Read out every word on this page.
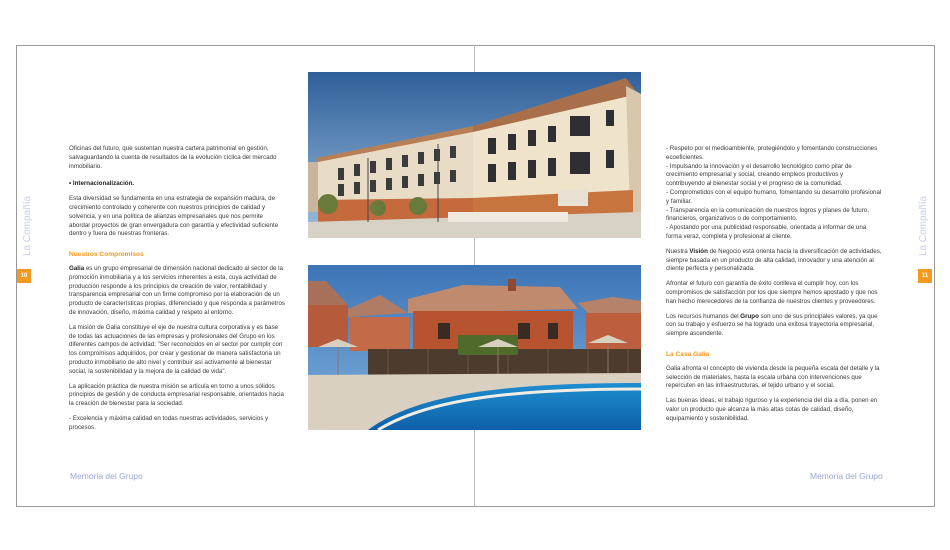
La Compañía
10
Memoria del Grupo

Oficinas del futuro, que sustentan nuestra cartera patrimonial en gestión, salvaguardando la cuenta de resultados de la evolución cíclica del mercado inmobiliario.

• Internacionalización.

Esta diversidad se fundamenta en una estrategia de expansión madura, de crecimiento controlado y coherente con nuestros principios de calidad y solvencia, y en una política de alianzas empresariales que nos permite abordar proyectos de gran envergadura con garantía y efectividad suficiente dentro y fuera de nuestras fronteras.

Nuestros Compromisos

Galia es un grupo empresarial de dimensión nacional dedicado al sector de la promoción inmobiliaria y a los servicios inherentes a esta, cuya actividad de producción responde a los principios de creación de valor, rentabilidad y transparencia empresarial con un firme compromiso por la elaboración de un producto de características propias, diferenciado y que responda a parámetros de innovación, diseño, máxima calidad y respeto al entorno.

La misión de Galia constituye el eje de nuestra cultura corporativa y es base de todas las actuaciones de las empresas y profesionales del Grupo en los diferentes campos de actividad: "Ser reconocidos en el sector por cumplir con los compromisos adquiridos, por crear y gestionar de manera satisfactoria un producto inmobiliario de alto nivel y contribuir así activamente al bienestar social, la sostenibilidad y la mejora de la calidad de vida".

La aplicación práctica de nuestra misión se articula en torno a unos sólidos principios de gestión y de conducta empresarial responsable, orientados hacia la creación de bienestar para la sociedad.

- Excelencia y máxima calidad en todas nuestras actividades, servicios y procesos.

- Respeto por el medioambiente, protegiéndolo y fomentando construcciones ecoeficientes.
- Impulsando la innovación y el desarrollo tecnológico como pilar de crecimiento empresarial y social, creando empleos productivos y contribuyendo al bienestar social y el progreso de la comunidad.
- Comprometidos con el equipo humano, fomentando su desarrollo profesional y familiar.
- Transparencia en la comunicación de nuestros logros y planes de futuro, financieros, organizativos o de comportamiento.
- Apostando por una publicidad responsable, orientada a informar de una forma veraz, completa y profesional al cliente.

Nuestra Visión de Negocio está orienta hacia la diversificación de actividades, siempre basada en un producto de alta calidad, innovador y una atención al cliente perfecta y personalizada.

Afrontar el futuro con garantía de éxito conlleva el cumplir hoy, con los compromisos de satisfacción por los que siempre hemos apostado y que nos han hecho merecedores de la confianza de nuestros clientes y proveedores.

Los recursos humanos del Grupo son uno de sus principales valores, ya que con su trabajo y esfuerzo se ha logrado una exitosa trayectoria empresarial, siempre ascendente.

La Casa Galia

Galia afronta el concepto de vivienda desde la pequeña escala del detalle y la selección de materiales, hasta la escala urbana con intervenciones que repercuten en las infraestructuras, el tejido urbano y el social.

Las buenas ideas, el trabajo riguroso y la experiencia del día a día, ponen en valor un producto que alcanza la más altas cotas de calidad, diseño, equipamiento y sostenibilidad.

La Compañía
11
Memoria del Grupo
